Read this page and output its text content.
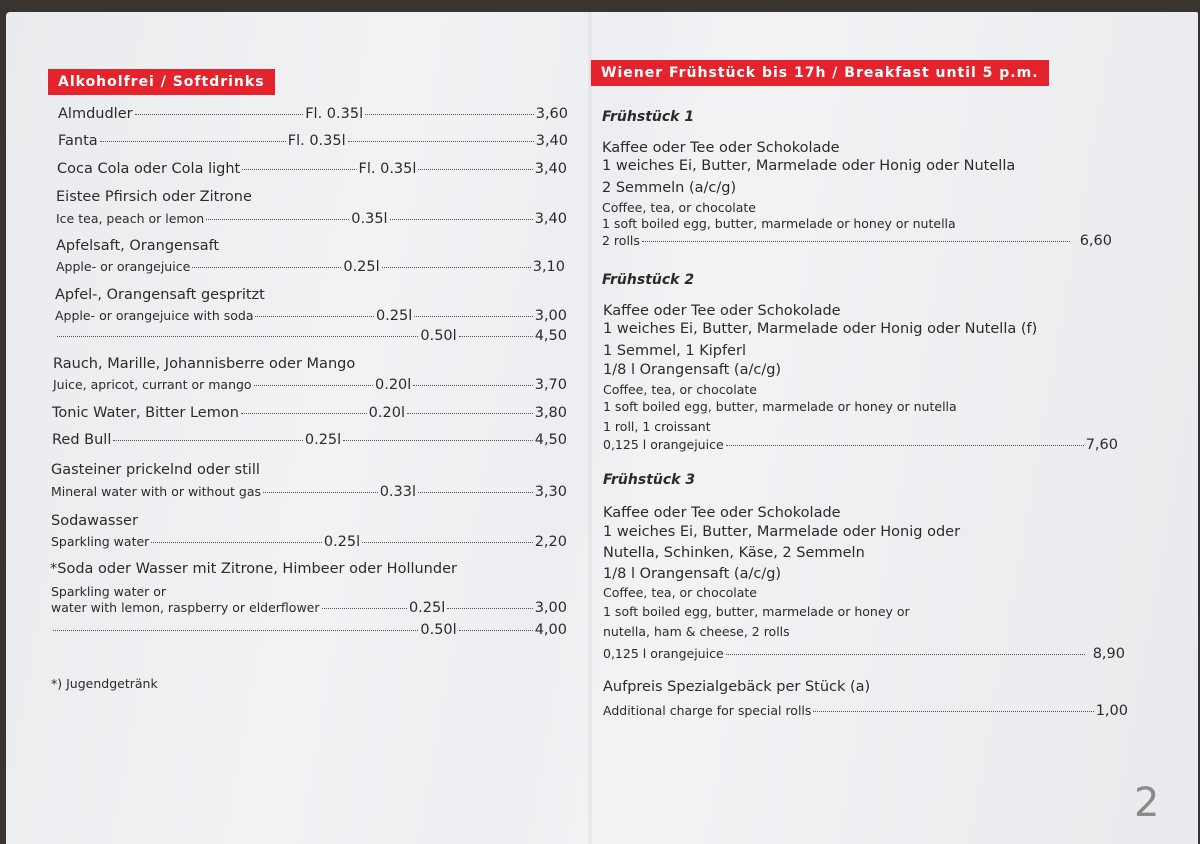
Alkoholfrei / Softdrinks
Almdudler	Fl. 0.35l	3,60
Fanta	Fl. 0.35l	3,40
Coca Cola oder Cola light	Fl. 0.35l	3,40
Eistee Pfirsich oder Zitrone
Ice tea, peach or lemon	0.35l	3,40
Apfelsaft, Orangensaft
Apple- or orangejuice	0.25l	3,10
Apfel-, Orangensaft gespritzt
Apple- or orangejuice with soda	0.25l	3,00
0.50l	4,50
Rauch, Marille, Johannisberre oder Mango
Juice, apricot, currant or mango	0.20l	3,70
Tonic Water, Bitter Lemon	0.20l	3,80
Red Bull	0.25l	4,50
Gasteiner prickelnd oder still
Mineral water with or without gas	0.33l	3,30
Sodawasser
Sparkling water	0.25l	2,20
*Soda oder Wasser mit Zitrone, Himbeer oder Hollunder
Sparkling water or
water with lemon, raspberry or elderflower	0.25l	3,00
0.50l	4,00
*) Jugendgetränk
Wiener Frühstück bis 17h / Breakfast until 5 p.m.
Frühstück 1
Kaffee oder Tee oder Schokolade
1 weiches Ei, Butter, Marmelade oder Honig oder Nutella
2 Semmeln (a/c/g)
Coffee, tea, or chocolate
1 soft boiled egg, butter, marmelade or honey or nutella
2 rolls	6,60
Frühstück 2
Kaffee oder Tee oder Schokolade
1 weiches Ei, Butter, Marmelade oder Honig oder Nutella (f)
1 Semmel, 1 Kipferl
1/8 l Orangensaft (a/c/g)
Coffee, tea, or chocolate
1 soft boiled egg, butter, marmelade or honey or nutella
1 roll, 1 croissant
0,125 l orangejuice	7,60
Frühstück 3
Kaffee oder Tee oder Schokolade
1 weiches Ei, Butter, Marmelade oder Honig oder
Nutella, Schinken, Käse, 2 Semmeln
1/8 l Orangensaft (a/c/g)
Coffee, tea, or chocolate
1 soft boiled egg, butter, marmelade or honey or
nutella, ham & cheese, 2 rolls
0,125 l orangejuice	8,90
Aufpreis Spezialgebäck per Stück (a)
Additional charge for special rolls	1,00
2
